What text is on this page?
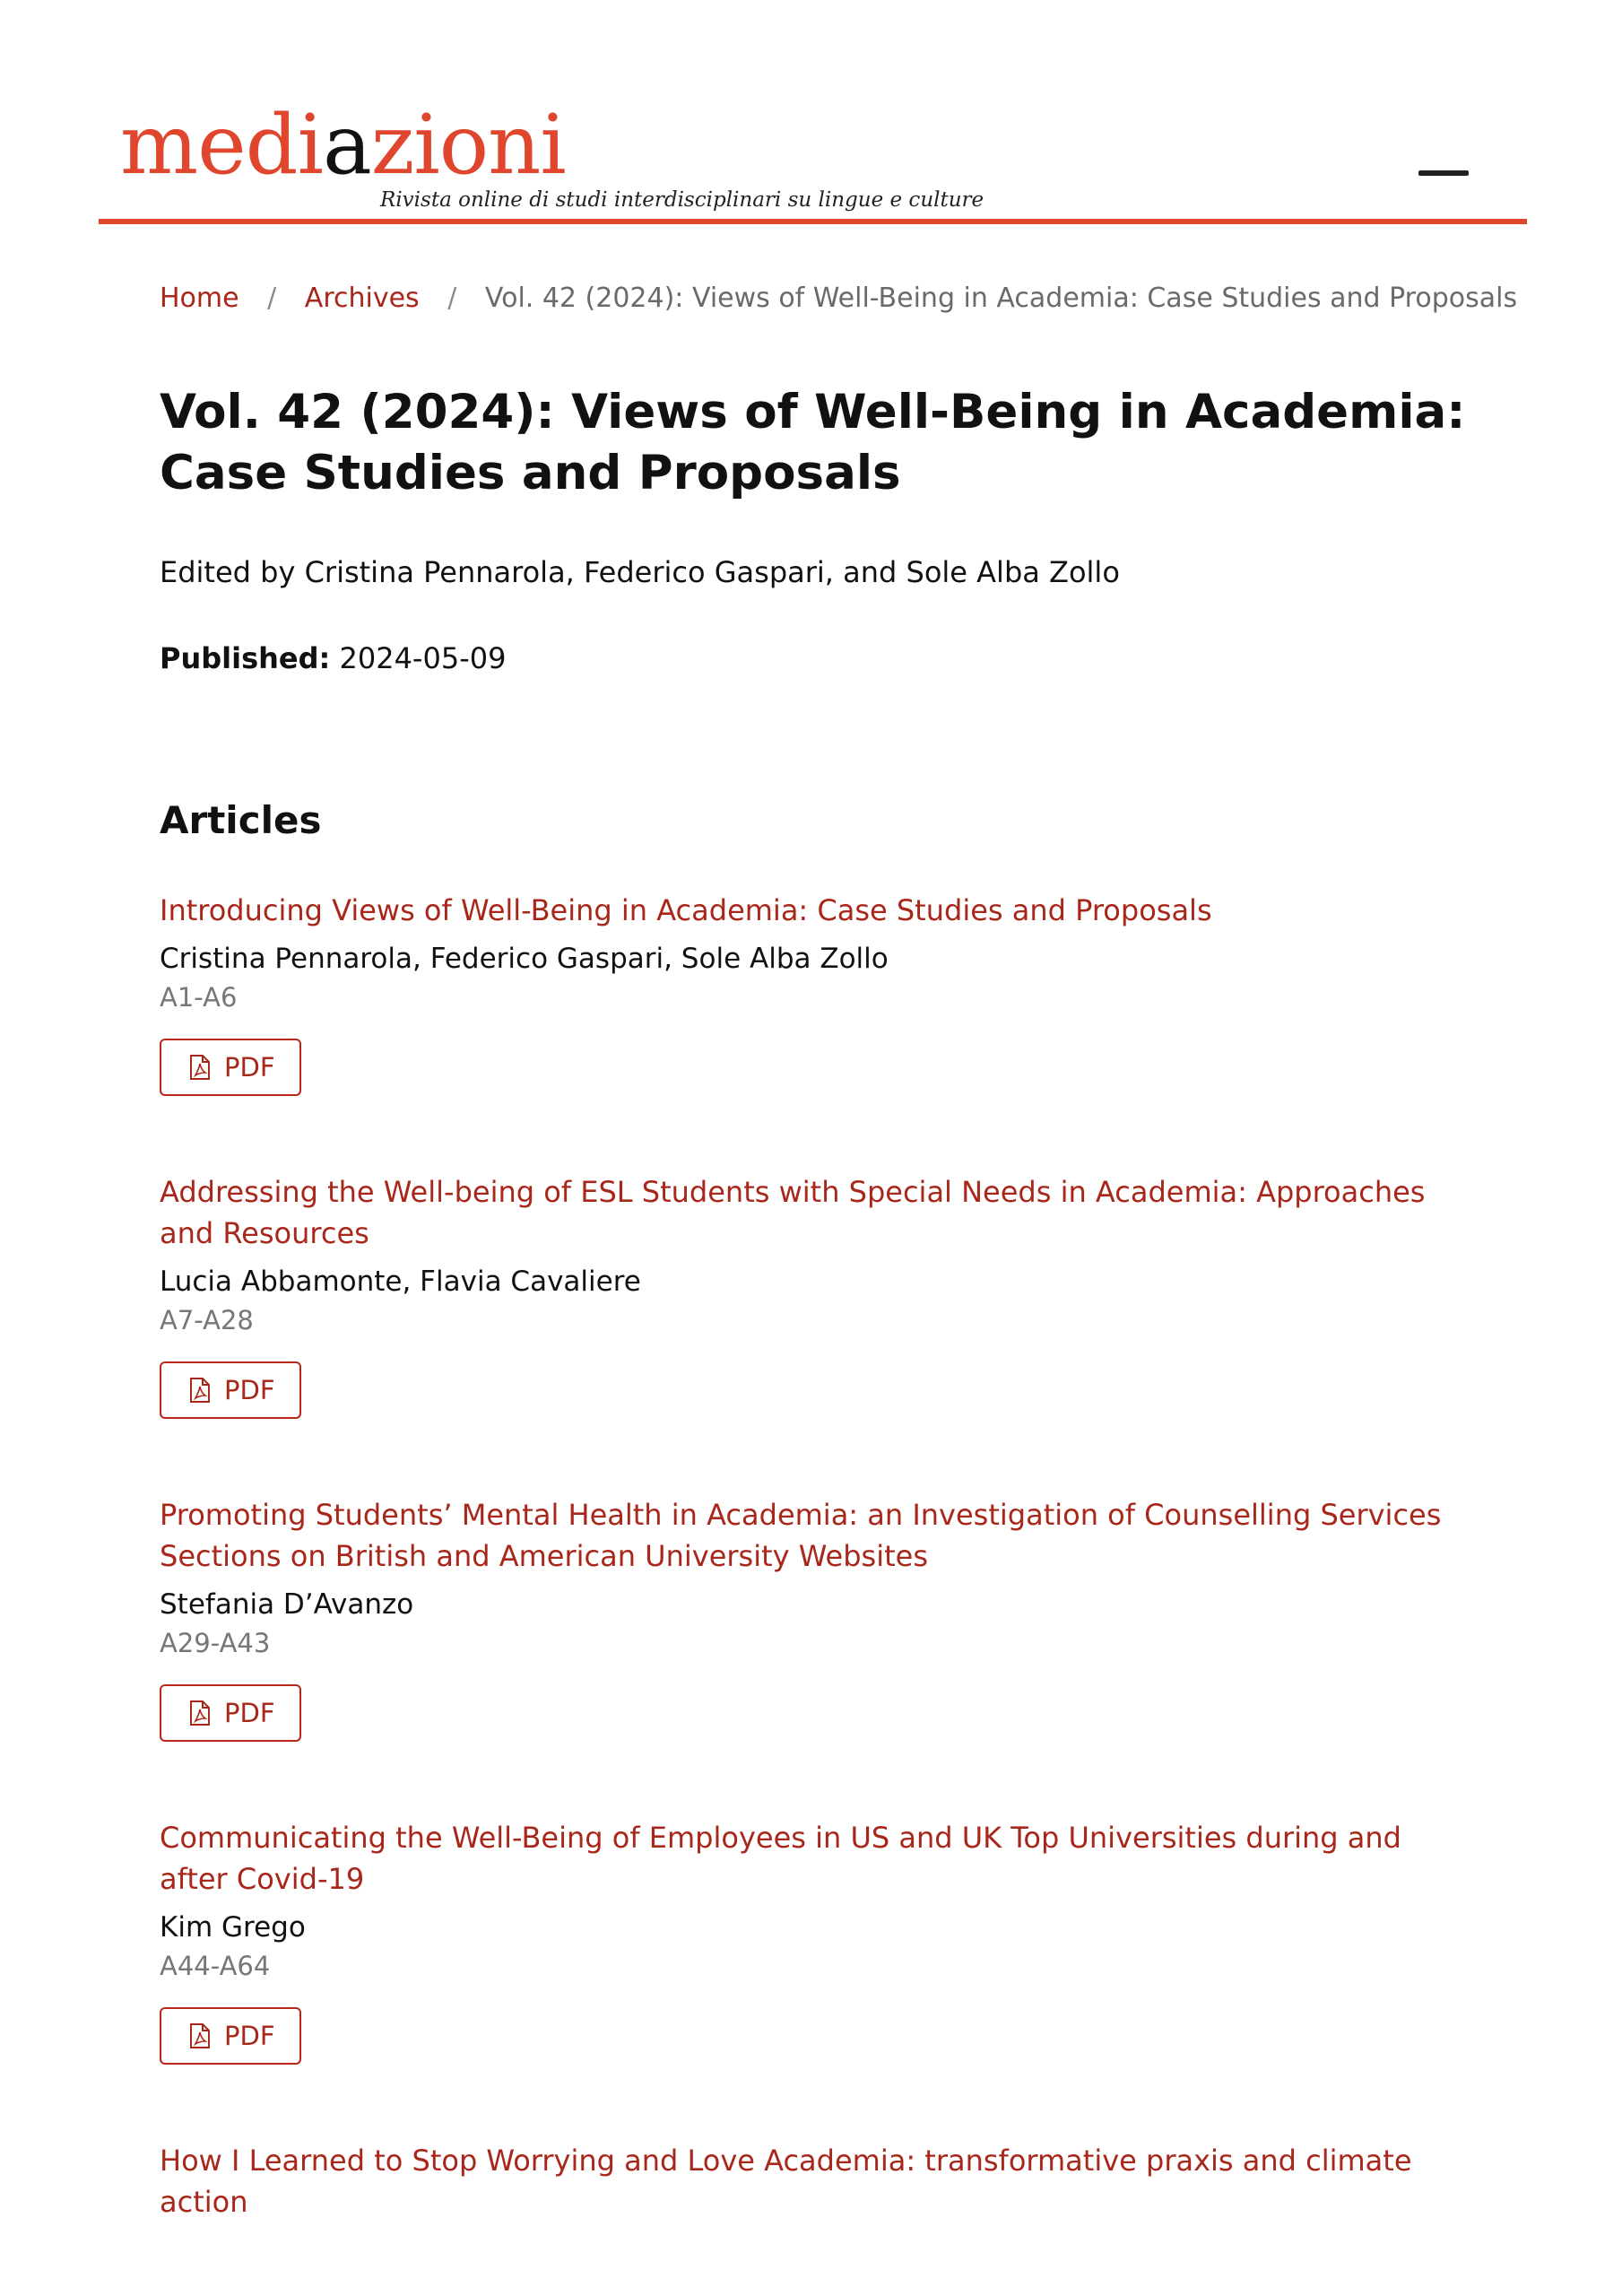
mediazioni
Rivista online di studi interdisciplinari su lingue e culture
Home / Archives / Vol. 42 (2024): Views of Well-Being in Academia: Case Studies and Proposals
Vol. 42 (2024): Views of Well-Being in Academia: Case Studies and Proposals
Edited by Cristina Pennarola, Federico Gaspari, and Sole Alba Zollo
Published: 2024-05-09
Articles
Introducing Views of Well-Being in Academia: Case Studies and Proposals
Cristina Pennarola, Federico Gaspari, Sole Alba Zollo
A1-A6
PDF
Addressing the Well-being of ESL Students with Special Needs in Academia: Approaches and Resources
Lucia Abbamonte, Flavia Cavaliere
A7-A28
PDF
Promoting Students’ Mental Health in Academia: an Investigation of Counselling Services Sections on British and American University Websites
Stefania D’Avanzo
A29-A43
PDF
Communicating the Well-Being of Employees in US and UK Top Universities during and after Covid-19
Kim Grego
A44-A64
PDF
How I Learned to Stop Worrying and Love Academia: transformative praxis and climate action
